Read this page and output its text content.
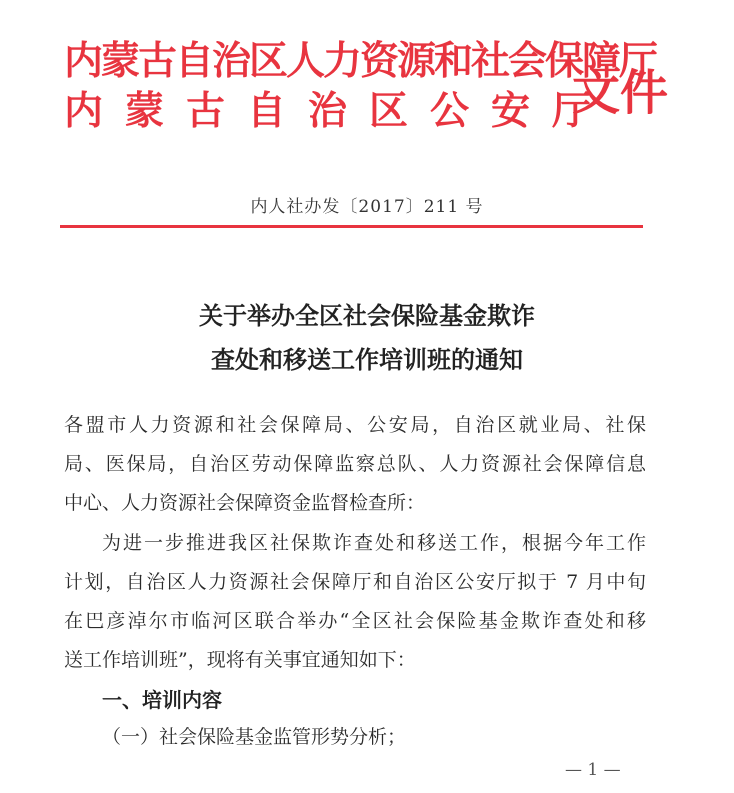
内蒙古自治区人力资源和社会保障厅
内蒙古自治区公安厅
文件
内人社办发〔2017〕211 号
关于举办全区社会保险基金欺诈
查处和移送工作培训班的通知
各盟市人力资源和社会保障局、公安局，自治区就业局、社保
局、医保局，自治区劳动保障监察总队、人力资源社会保障信息
中心、人力资源社会保障资金监督检查所：
为进一步推进我区社保欺诈查处和移送工作，根据今年工作
计划，自治区人力资源社会保障厅和自治区公安厅拟于 7 月中旬
在巴彦淖尔市临河区联合举办“全区社会保险基金欺诈查处和移
送工作培训班”，现将有关事宜通知如下：
一、培训内容
（一）社会保险基金监管形势分析；
— 1 —
